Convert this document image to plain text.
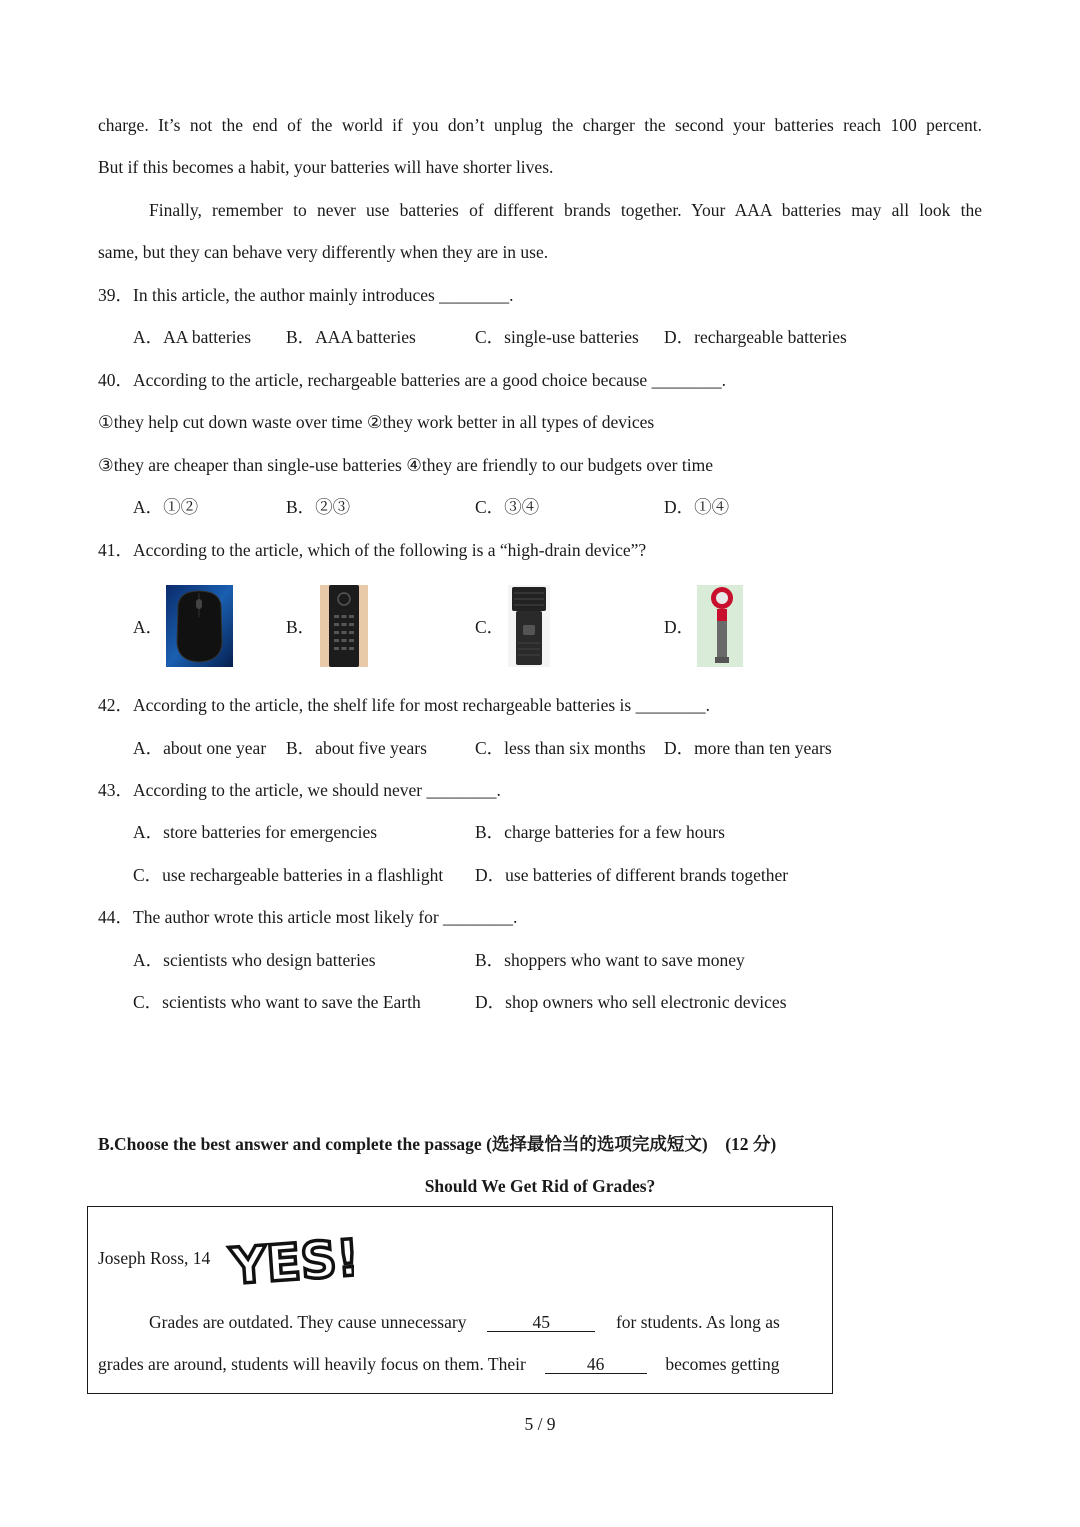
charge. It’s not the end of the world if you don’t unplug the charger the second your batteries reach 100 percent.
But if this becomes a habit, your batteries will have shorter lives.
Finally, remember to never use batteries of different brands together. Your AAA batteries may all look the
same, but they can behave very differently when they are in use.
39．In this article, the author mainly introduces ________.
A．AA batteries B．AAA batteries	C．single-use batteries D．rechargeable batteries
40．According to the article, rechargeable batteries are a good choice because ________.
①they help cut down waste over time ②they work better in all types of devices
③they are cheaper than single-use batteries ④they are friendly to our budgets over time
A．①②	B．②③	C．③④	D．①④
41．According to the article, which of the following is a “high-drain device”?
A．	B．	C．	D．
42．According to the article, the shelf life for most rechargeable batteries is ________.
A．about one year B．about five years	C．less than six months D．more than ten years
43．According to the article, we should never ________.
A．store batteries for emergencies	B．charge batteries for a few hours
C．use rechargeable batteries in a flashlight D．use batteries of different brands together
44．The author wrote this article most likely for ________.
A．scientists who design batteries	B．shoppers who want to save money
C．scientists who want to save the Earth	D．shop owners who sell electronic devices
B.Choose the best answer and complete the passage (选择最恰当的选项完成短文)　(12 分)
Should We Get Rid of Grades?
Joseph Ross, 14 YES!
Grades are outdated. They cause unnecessary	45	for students. As long as
grades are around, students will heavily focus on them. Their	46	becomes getting
5 / 9
